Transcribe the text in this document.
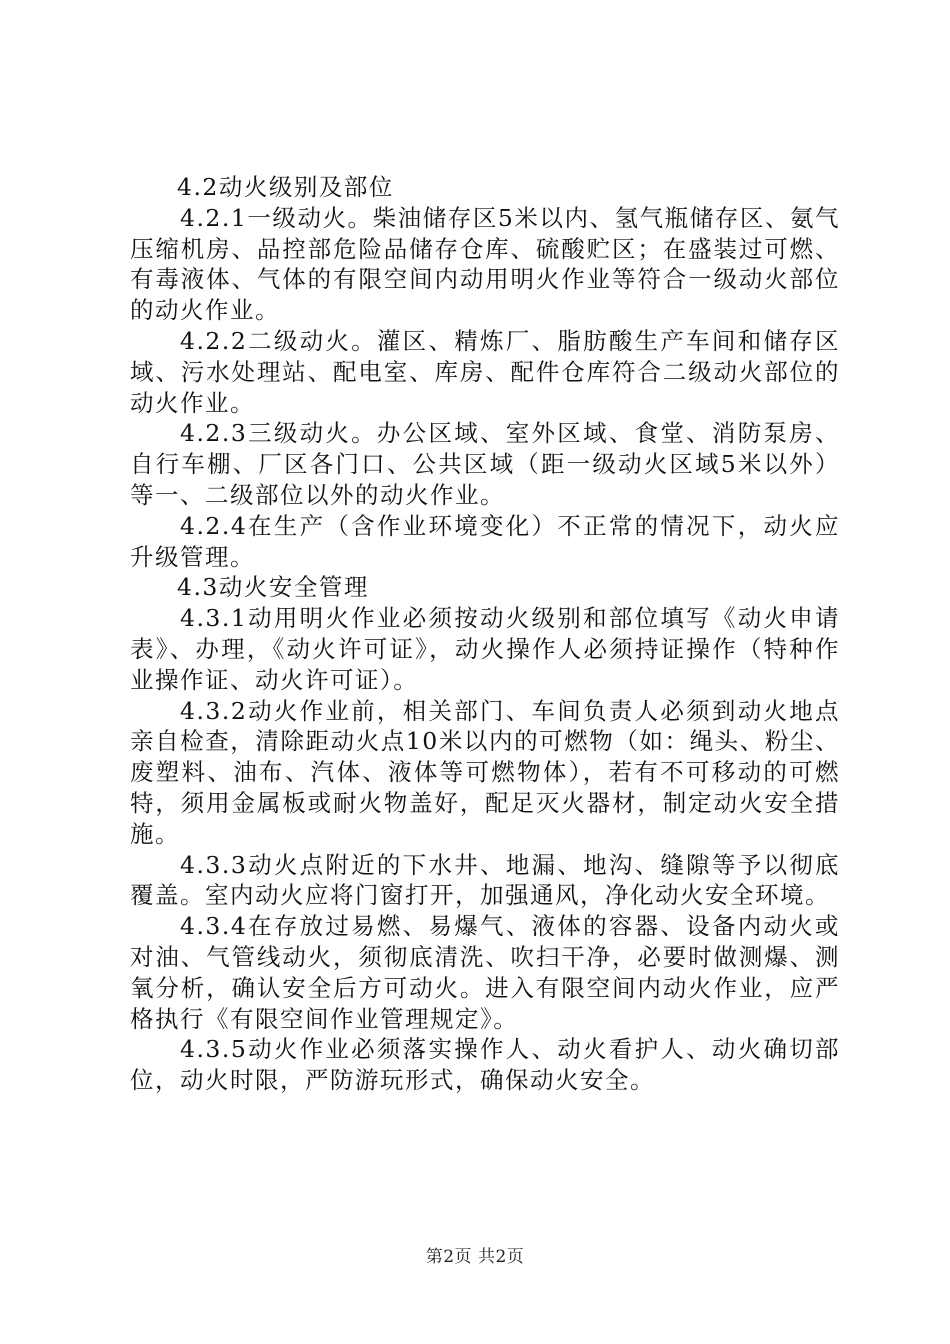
4.2动火级别及部位

4.2.1一级动火。柴油储存区5米以内、氢气瓶储存区、氨气压缩机房、品控部危险品储存仓库、硫酸贮区；在盛装过可燃、有毒液体、气体的有限空间内动用明火作业等符合一级动火部位的动火作业。

4.2.2二级动火。灌区、精炼厂、脂肪酸生产车间和储存区域、污水处理站、配电室、库房、配件仓库符合二级动火部位的动火作业。

4.2.3三级动火。办公区域、室外区域、食堂、消防泵房、自行车棚、厂区各门口、公共区域（距一级动火区域5米以外）等一、二级部位以外的动火作业。

4.2.4在生产（含作业环境变化）不正常的情况下，动火应升级管理。

4.3动火安全管理

4.3.1动用明火作业必须按动火级别和部位填写《动火申请表》、办理，《动火许可证》，动火操作人必须持证操作（特种作业操作证、动火许可证）。

4.3.2动火作业前，相关部门、车间负责人必须到动火地点亲自检查，清除距动火点10米以内的可燃物（如：绳头、粉尘、废塑料、油布、汽体、液体等可燃物体），若有不可移动的可燃特，须用金属板或耐火物盖好，配足灭火器材，制定动火安全措施。

4.3.3动火点附近的下水井、地漏、地沟、缝隙等予以彻底覆盖。室内动火应将门窗打开，加强通风，净化动火安全环境。

4.3.4在存放过易燃、易爆气、液体的容器、设备内动火或对油、气管线动火，须彻底清洗、吹扫干净，必要时做测爆、测氧分析，确认安全后方可动火。进入有限空间内动火作业，应严格执行《有限空间作业管理规定》。

4.3.5动火作业必须落实操作人、动火看护人、动火确切部位，动火时限，严防游玩形式，确保动火安全。

第2页 共2页
